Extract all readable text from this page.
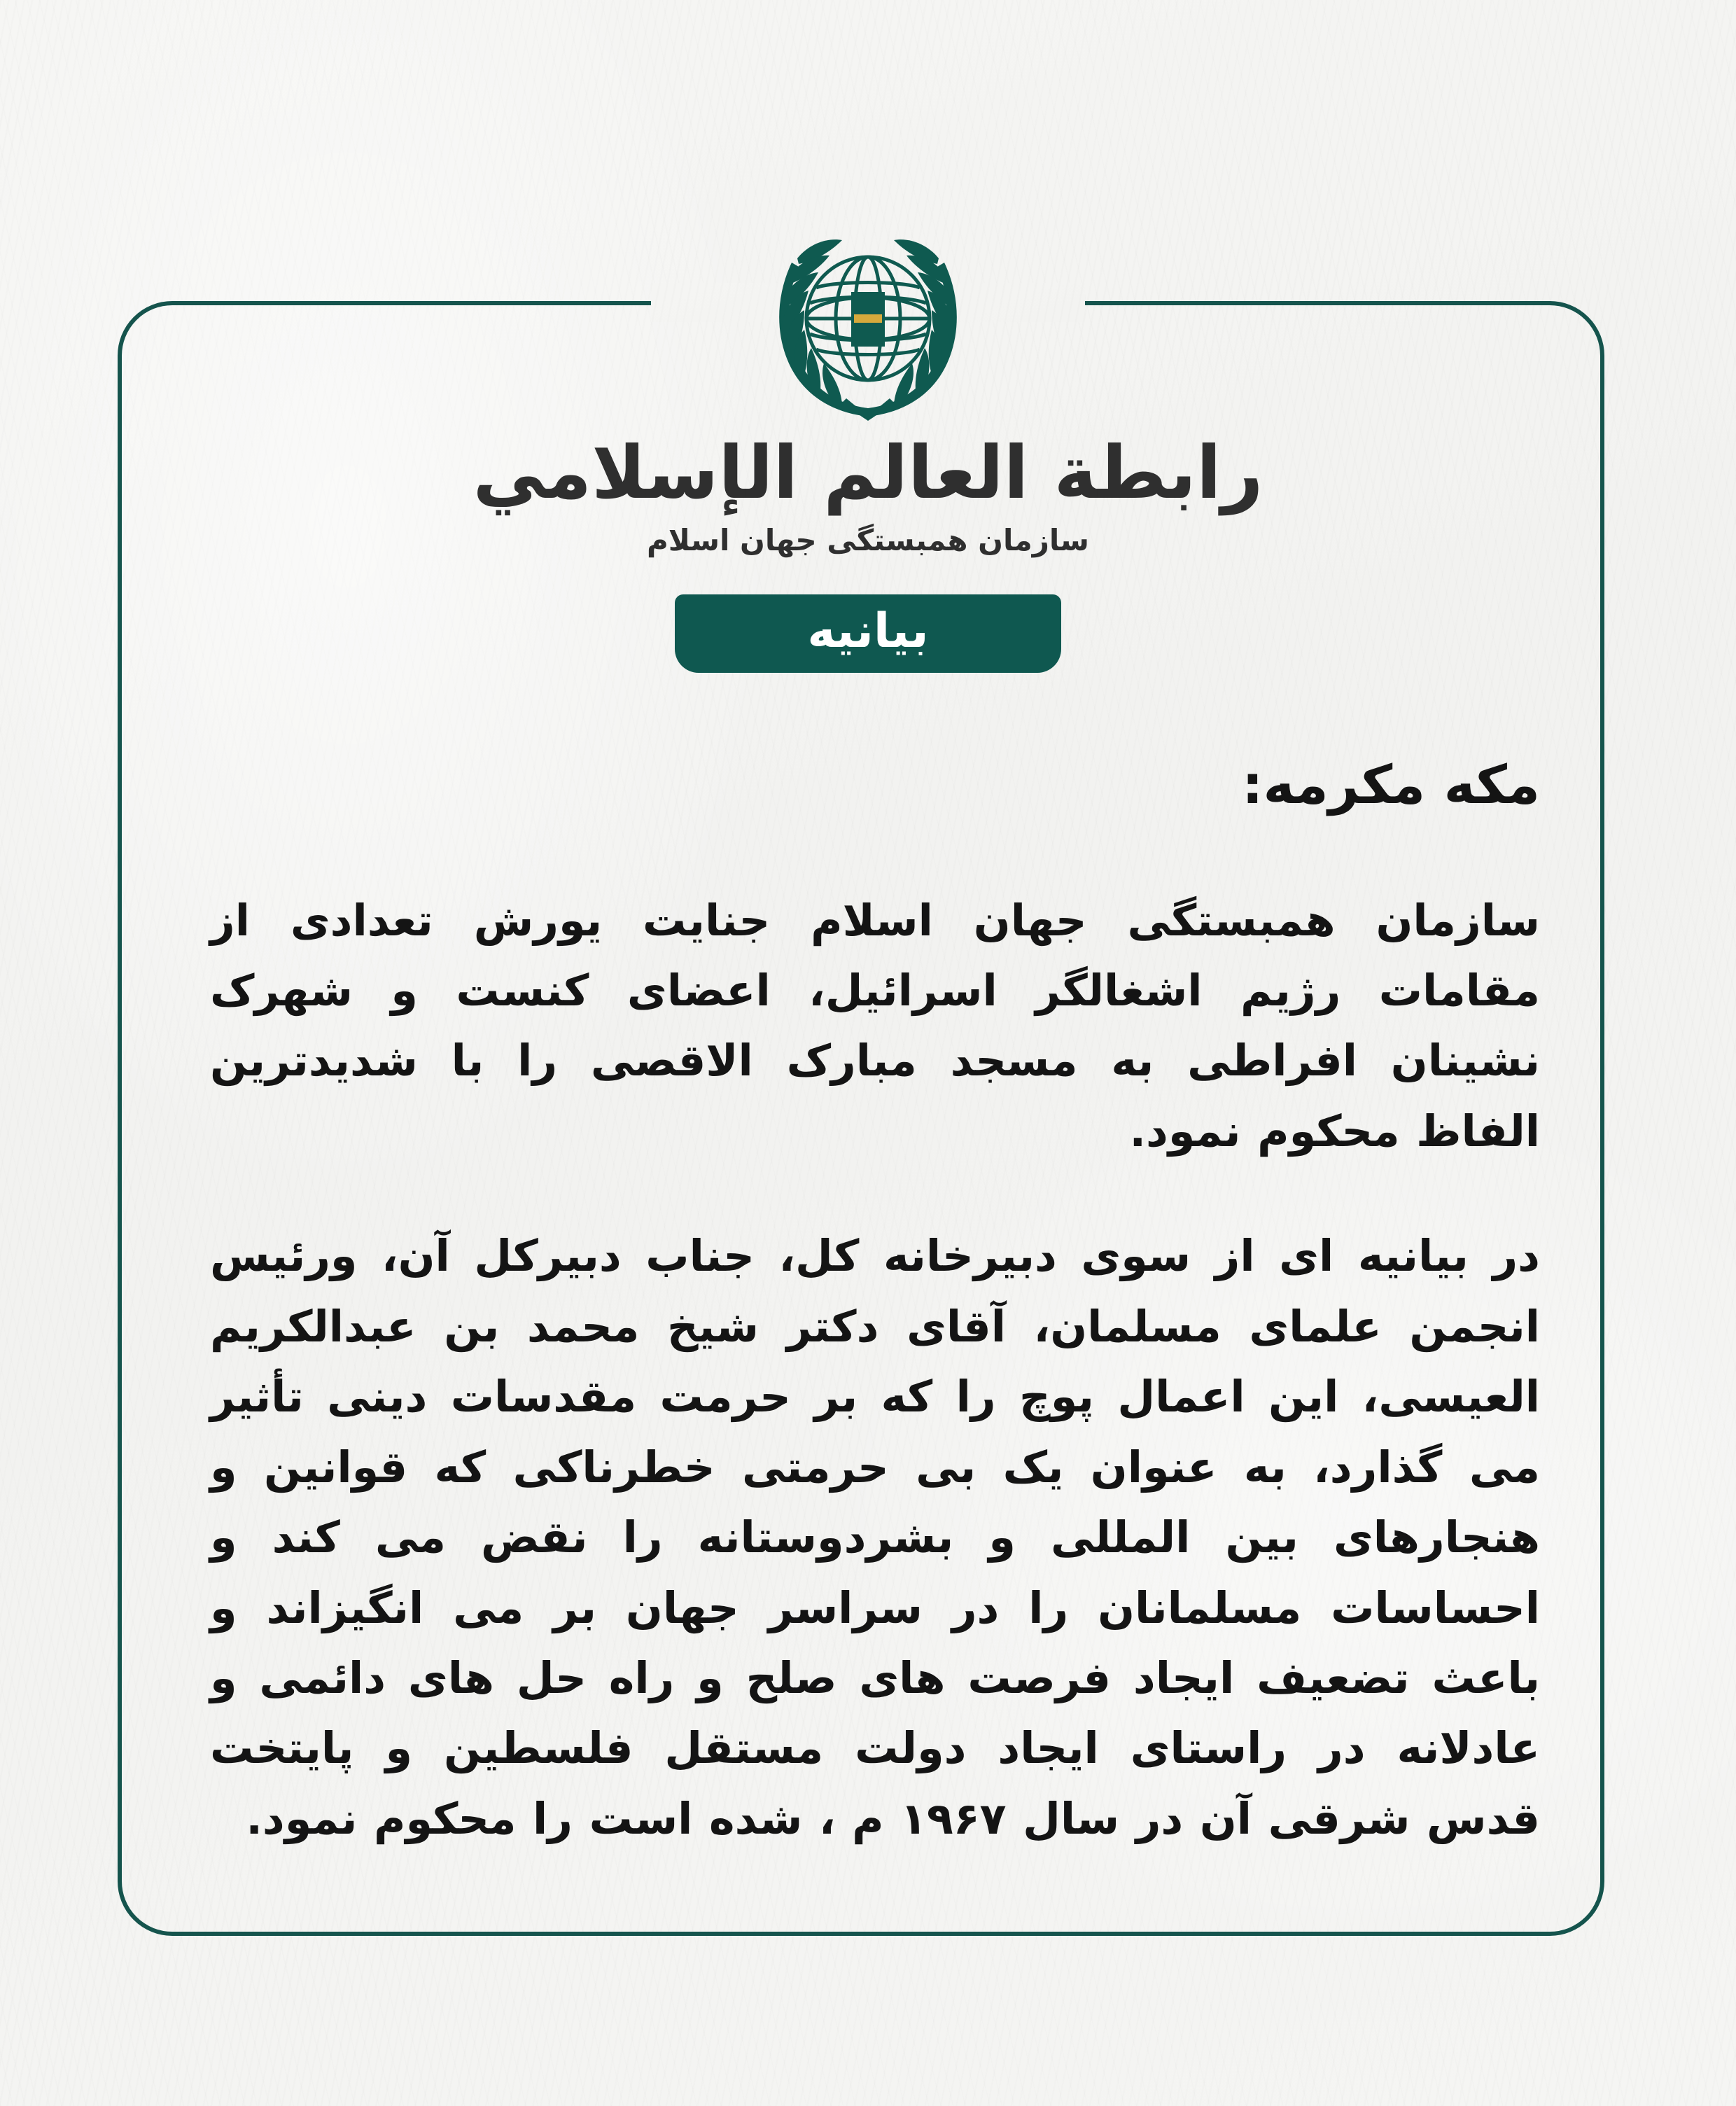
رابطة العالم الإسلامي
سازمان همبستگی جهان اسلام
بیانیه

مکه مکرمه:

سازمان همبستگی جهان اسلام جنایت یورش تعدادی از مقامات رژیم اشغالگر اسرائیل، اعضای کنست و شهرک نشینان افراطی به مسجد مبارک الاقصی را با شدیدترین الفاظ محکوم نمود.

در بیانیه ای از سوی دبیرخانه کل، جناب دبیرکل آن، ورئیس انجمن علمای مسلمان، آقای دکتر شیخ محمد بن عبدالکریم العیسی، این اعمال پوچ را که بر حرمت مقدسات دینی تأثیر می گذارد، به عنوان یک بی حرمتی خطرناکی که قوانین و هنجارهای بین المللی و بشردوستانه را نقض می کند و احساسات مسلمانان را در سراسر جهان بر می انگیزاند و باعث تضعیف ایجاد فرصت های صلح و راه حل های دائمی و عادلانه در راستای ایجاد دولت مستقل فلسطین و پایتخت قدس شرقی آن در سال ۱۹۶۷ م ، شده است را محکوم نمود.
